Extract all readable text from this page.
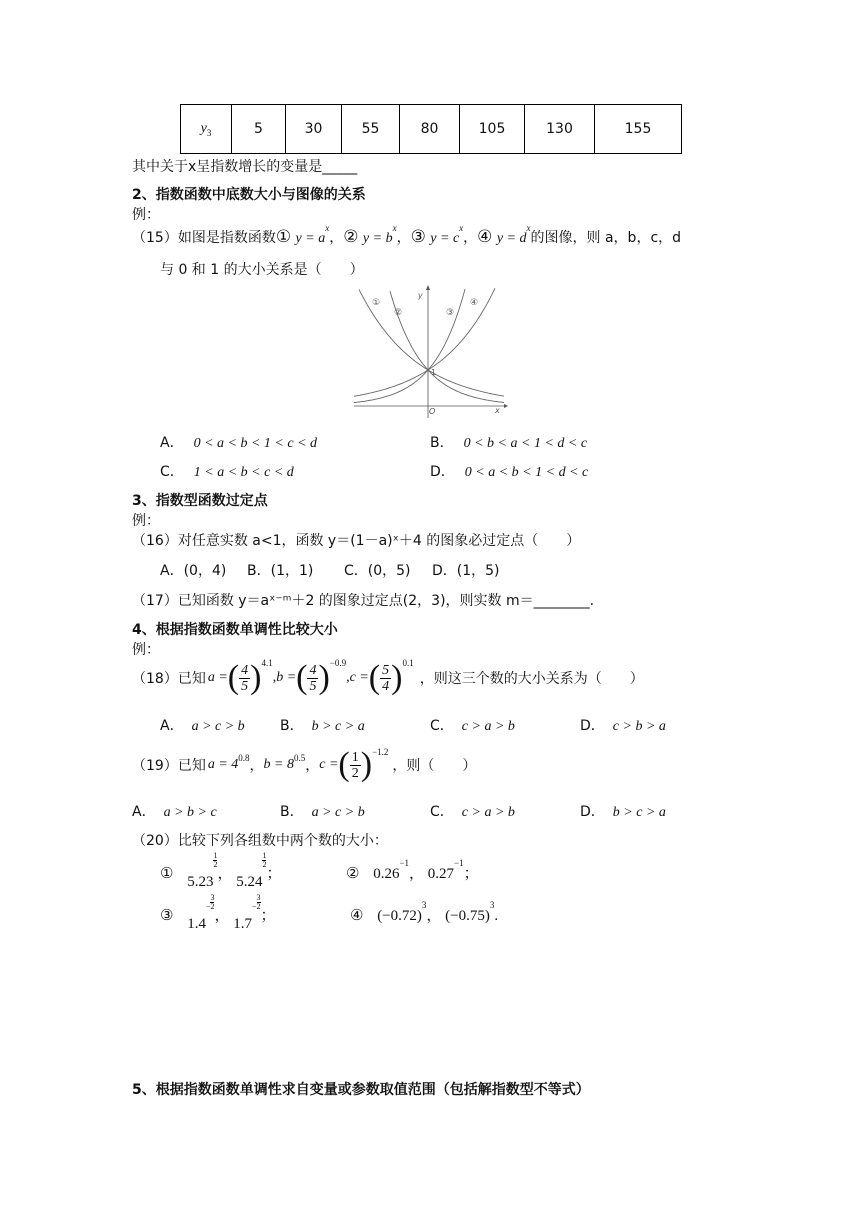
$y_3$	5	30	55	80	105	130	155
其中关于x呈指数增长的变量是_____
2、指数函数中底数大小与图像的关系
例：
（15）如图是指数函数① $y = a^x$，② $y = b^x$，③ $y = c^x$，④ $y = d^x$的图像，则 a，b，c，d
与 0 和 1 的大小关系是（　　）
①
②	③
④
y
x
O
1
A． 0 < a < b < 1 < c < d	B． 0 < b < a < 1 < d < c
C． 1 < a < b < c < d	D． 0 < a < b < 1 < d < c
3、指数型函数过定点
例：
（16）对任意实数 a<1，函数 y＝(1－a)ˣ＋4 的图象必过定点（　　）
A．(0，4) B．(1，1) C．(0，5) D．(1，5)
（17）已知函数 y＝aˣ⁻ᵐ＋2 的图象过定点(2，3)，则实数 m＝________.
4、根据指数函数单调性比较大小
例：
（18）已知 a = ( $\frac{4}{5}$ ) 4.1
,b = ( $\frac{4}{5}$ ) −0.9
,c = ( $\frac{5}{4}$ ) 0.1
，则这三个数的大小关系为（　　）
A． a > c > b	B． b > c > a	C． c > a > b	D． c > b > a
（19）已知 a = 4 0.8 ， b = 8 0.5 ， c = ( $\frac{1}{2}$ ) −1.2
，则（　　）
A． a > b > c	B． a > c > b	C． c > a > b	D． b > c > a
（20）比较下列各组数中两个数的大小：
① 5.23
$\frac{1}{2}$， 5.24
$\frac{1}{2}$；	② $0.26^{-1}$， $0.27^{-1}$；
③ $1.4- \frac{3}{2}$
， $1.7- \frac{3}{2}$
；	④ $(-0.72)^3$， $(-0.75)^3$.
5、根据指数函数单调性求自变量或参数取值范围（包括解指数型不等式）
